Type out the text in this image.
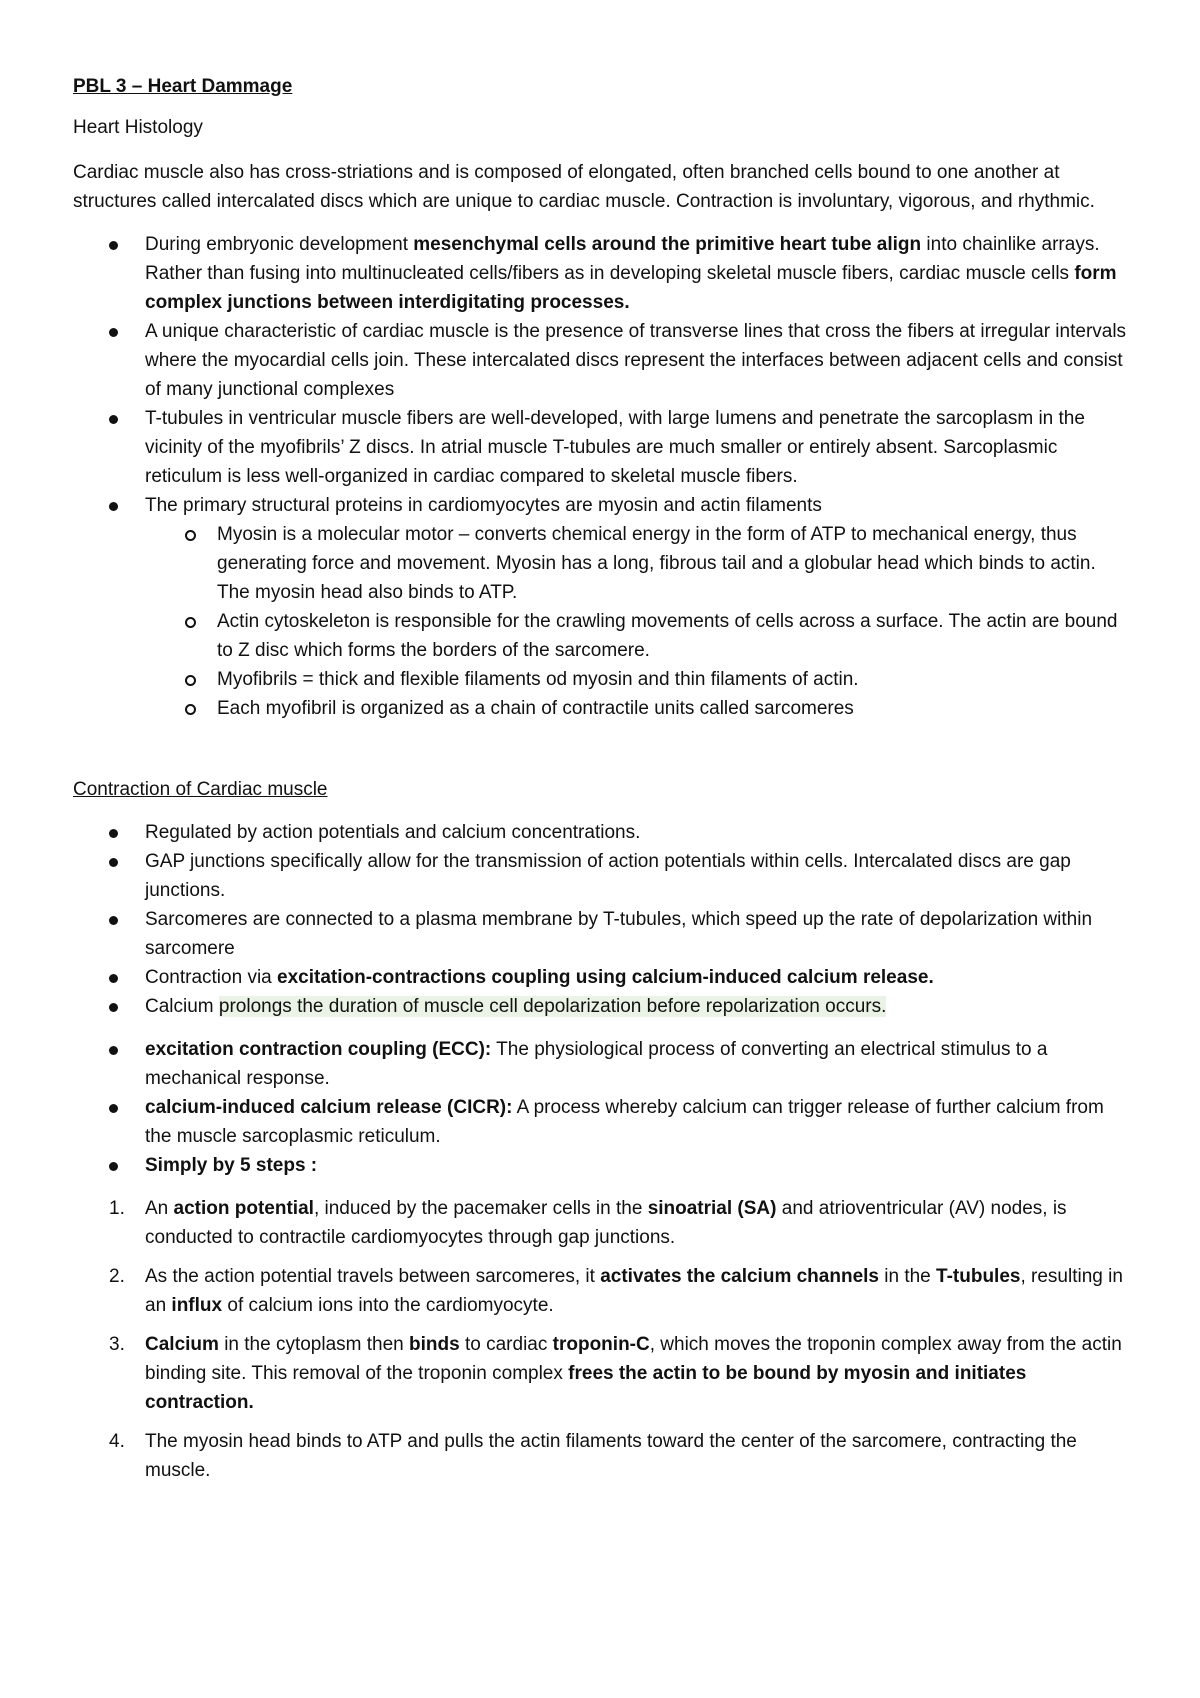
PBL 3 – Heart Dammage
Heart Histology
Cardiac muscle also has cross-striations and is composed of elongated, often branched cells bound to one another at structures called intercalated discs which are unique to cardiac muscle. Contraction is involuntary, vigorous, and rhythmic.
During embryonic development mesenchymal cells around the primitive heart tube align into chainlike arrays. Rather than fusing into multinucleated cells/fibers as in developing skeletal muscle fibers, cardiac muscle cells form complex junctions between interdigitating processes.
A unique characteristic of cardiac muscle is the presence of transverse lines that cross the fibers at irregular intervals where the myocardial cells join. These intercalated discs represent the interfaces between adjacent cells and consist of many junctional complexes
T-tubules in ventricular muscle fibers are well-developed, with large lumens and penetrate the sarcoplasm in the vicinity of the myofibrils’ Z discs. In atrial muscle T-tubules are much smaller or entirely absent. Sarcoplasmic reticulum is less well-organized in cardiac compared to skeletal muscle fibers.
The primary structural proteins in cardiomyocytes are myosin and actin filaments
Myosin is a molecular motor – converts chemical energy in the form of ATP to mechanical energy, thus generating force and movement. Myosin has a long, fibrous tail and a globular head which binds to actin. The myosin head also binds to ATP.
Actin cytoskeleton is responsible for the crawling movements of cells across a surface. The actin are bound to Z disc which forms the borders of the sarcomere.
Myofibrils = thick and flexible filaments od myosin and thin filaments of actin.
Each myofibril is organized as a chain of contractile units called sarcomeres
Contraction of Cardiac muscle
Regulated by action potentials and calcium concentrations.
GAP junctions specifically allow for the transmission of action potentials within cells. Intercalated discs are gap junctions.
Sarcomeres are connected to a plasma membrane by T-tubules, which speed up the rate of depolarization within sarcomere
Contraction via excitation-contractions coupling using calcium-induced calcium release.
Calcium prolongs the duration of muscle cell depolarization before repolarization occurs.
excitation contraction coupling (ECC): The physiological process of converting an electrical stimulus to a mechanical response.
calcium-induced calcium release (CICR): A process whereby calcium can trigger release of further calcium from the muscle sarcoplasmic reticulum.
Simply by 5 steps :
1. An action potential, induced by the pacemaker cells in the sinoatrial (SA) and atrioventricular (AV) nodes, is conducted to contractile cardiomyocytes through gap junctions.
2. As the action potential travels between sarcomeres, it activates the calcium channels in the T-tubules, resulting in an influx of calcium ions into the cardiomyocyte.
3. Calcium in the cytoplasm then binds to cardiac troponin-C, which moves the troponin complex away from the actin binding site. This removal of the troponin complex frees the actin to be bound by myosin and initiates contraction.
4. The myosin head binds to ATP and pulls the actin filaments toward the center of the sarcomere, contracting the muscle.
